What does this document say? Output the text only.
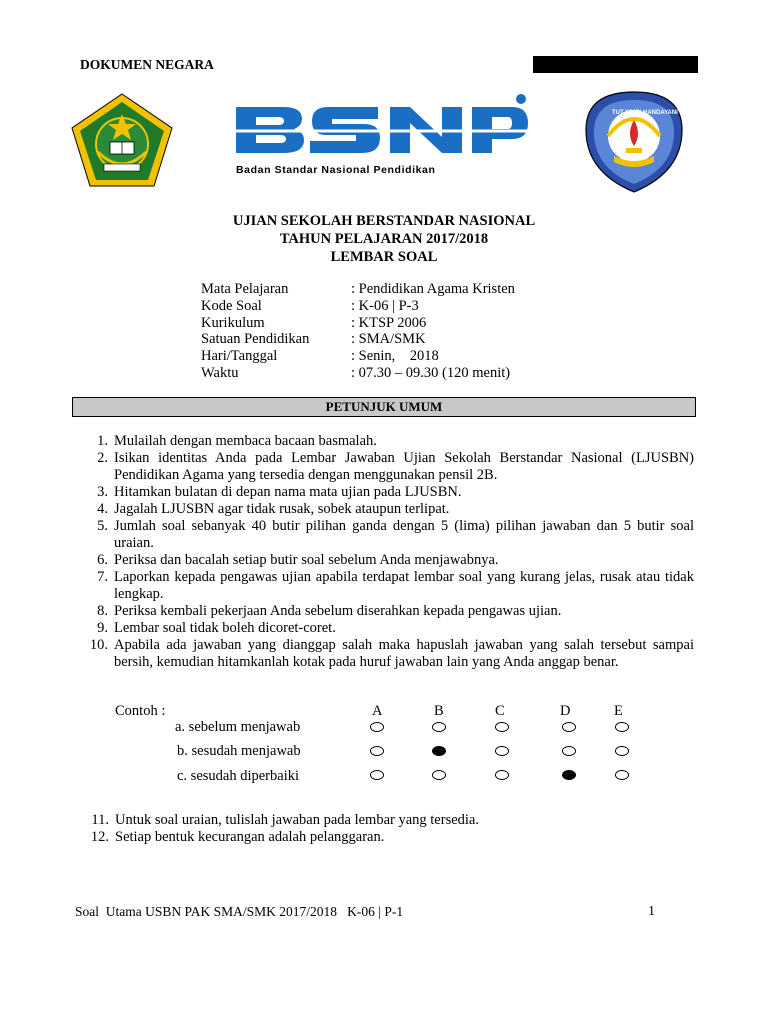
DOKUMEN NEGARA
Badan Standar Nasional Pendidikan
TUT WURI HANDAYANI
UJIAN SEKOLAH BERSTANDAR NASIONAL
TAHUN PELAJARAN 2017/2018
LEMBAR SOAL
Mata Pelajaran	: Pendidikan Agama Kristen
Kode Soal	: K-06 | P-3
Kurikulum	: KTSP 2006
Satuan Pendidikan	: SMA/SMK
Hari/Tanggal	: Senin,    2018
Waktu	: 07.30 – 09.30 (120 menit)
PETUNJUK UMUM
1. Mulailah dengan membaca bacaan basmalah.
2. Isikan identitas Anda pada Lembar Jawaban Ujian Sekolah Berstandar Nasional (LJUSBN) Pendidikan Agama yang tersedia dengan menggunakan pensil 2B.
3. Hitamkan bulatan di depan nama mata ujian pada LJUSBN.
4. Jagalah LJUSBN agar tidak rusak, sobek ataupun terlipat.
5. Jumlah soal sebanyak 40 butir pilihan ganda dengan 5 (lima) pilihan jawaban dan 5 butir soal uraian.
6. Periksa dan bacalah setiap butir soal sebelum Anda menjawabnya.
7. Laporkan kepada pengawas ujian apabila terdapat lembar soal yang kurang jelas, rusak atau tidak lengkap.
8. Periksa kembali pekerjaan Anda sebelum diserahkan kepada pengawas ujian.
9. Lembar soal tidak boleh dicoret-coret.
10. Apabila ada jawaban yang dianggap salah maka hapuslah jawaban yang salah tersebut sampai bersih, kemudian hitamkanlah kotak pada huruf jawaban lain yang Anda anggap benar.
Contoh :	A	B	C	D	E
a. sebelum menjawab
b. sesudah menjawab
c. sesudah diperbaiki
11. Untuk soal uraian, tulislah jawaban pada lembar yang tersedia.
12. Setiap bentuk kecurangan adalah pelanggaran.
Soal  Utama USBN PAK SMA/SMK 2017/2018   K-06 | P-1	1
